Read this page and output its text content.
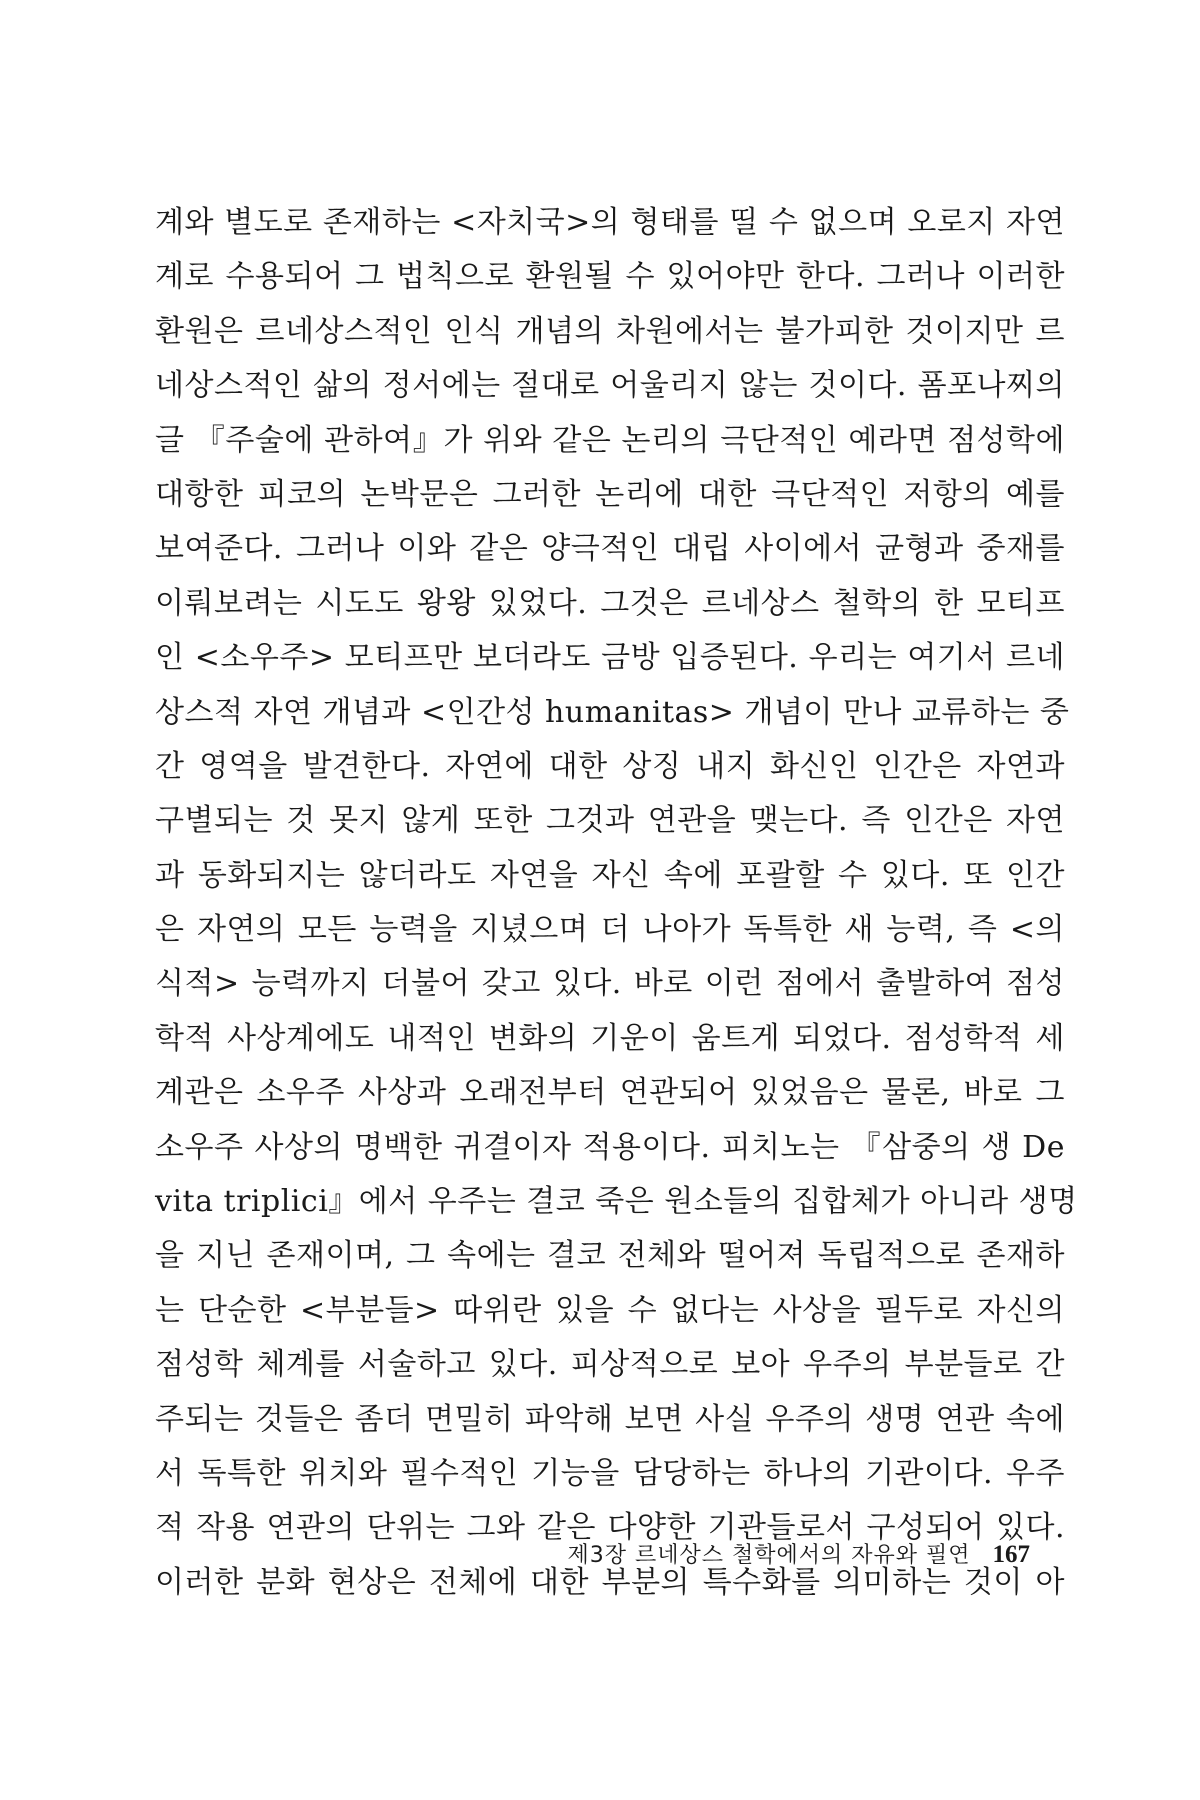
계와 별도로 존재하는 <자치국>의 형태를 띨 수 없으며 오로지 자연
계로 수용되어 그 법칙으로 환원될 수 있어야만 한다. 그러나 이러한
환원은 르네상스적인 인식 개념의 차원에서는 불가피한 것이지만 르
네상스적인 삶의 정서에는 절대로 어울리지 않는 것이다. 폼포나찌의
글 『주술에 관하여』가 위와 같은 논리의 극단적인 예라면 점성학에
대항한 피코의 논박문은 그러한 논리에 대한 극단적인 저항의 예를
보여준다. 그러나 이와 같은 양극적인 대립 사이에서 균형과 중재를
이뤄보려는 시도도 왕왕 있었다. 그것은 르네상스 철학의 한 모티프
인 <소우주> 모티프만 보더라도 금방 입증된다. 우리는 여기서 르네
상스적 자연 개념과 <인간성 humanitas> 개념이 만나 교류하는 중
간 영역을 발견한다. 자연에 대한 상징 내지 화신인 인간은 자연과
구별되는 것 못지 않게 또한 그것과 연관을 맺는다. 즉 인간은 자연
과 동화되지는 않더라도 자연을 자신 속에 포괄할 수 있다. 또 인간
은 자연의 모든 능력을 지녔으며 더 나아가 독특한 새 능력, 즉 <의
식적> 능력까지 더불어 갖고 있다. 바로 이런 점에서 출발하여 점성
학적 사상계에도 내적인 변화의 기운이 움트게 되었다. 점성학적 세
계관은 소우주 사상과 오래전부터 연관되어 있었음은 물론, 바로 그
소우주 사상의 명백한 귀결이자 적용이다. 피치노는 『삼중의 생 De
vita triplici』에서 우주는 결코 죽은 원소들의 집합체가 아니라 생명
을 지닌 존재이며, 그 속에는 결코 전체와 떨어져 독립적으로 존재하
는 단순한 <부분들> 따위란 있을 수 없다는 사상을 필두로 자신의
점성학 체계를 서술하고 있다. 피상적으로 보아 우주의 부분들로 간
주되는 것들은 좀더 면밀히 파악해 보면 사실 우주의 생명 연관 속에
서 독특한 위치와 필수적인 기능을 담당하는 하나의 기관이다. 우주
적 작용 연관의 단위는 그와 같은 다양한 기관들로서 구성되어 있다.
이러한 분화 현상은 전체에 대한 부분의 특수화를 의미하는 것이 아
제3장 르네상스 철학에서의 자유와 필연 167
